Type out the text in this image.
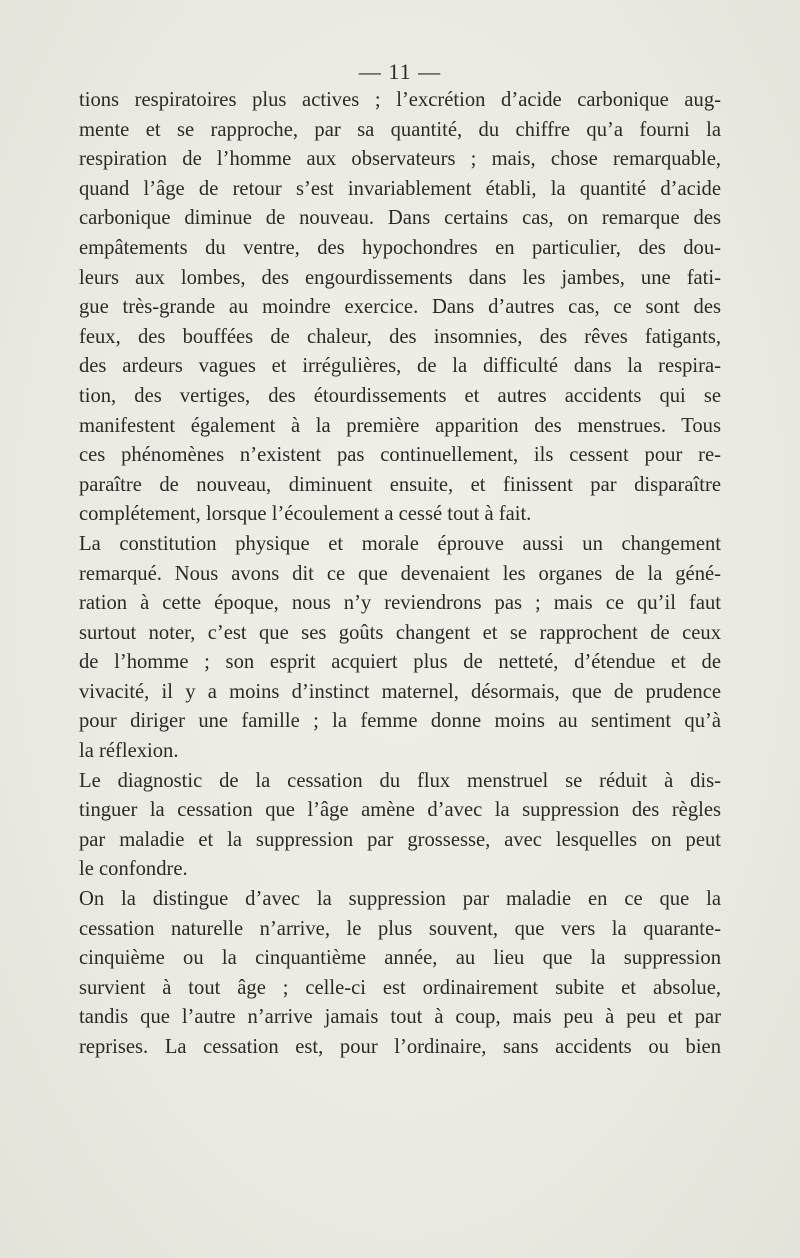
— 11 —
tions respiratoires plus actives ; l’excrétion d’acide carbonique aug-
mente et se rapproche, par sa quantité, du chiffre qu’a fourni la
respiration de l’homme aux observateurs ; mais, chose remarquable,
quand l’âge de retour s’est invariablement établi, la quantité d’acide
carbonique diminue de nouveau. Dans certains cas, on remarque des
empâtements du ventre, des hypochondres en particulier, des dou-
leurs aux lombes, des engourdissements dans les jambes, une fati-
gue très-grande au moindre exercice. Dans d’autres cas, ce sont des
feux, des bouffées de chaleur, des insomnies, des rêves fatigants,
des ardeurs vagues et irrégulières, de la difficulté dans la respira-
tion, des vertiges, des étourdissements et autres accidents qui se
manifestent également à la première apparition des menstrues. Tous
ces phénomènes n’existent pas continuellement, ils cessent pour re-
paraître de nouveau, diminuent ensuite, et finissent par disparaître
complétement, lorsque l’écoulement a cessé tout à fait.
La constitution physique et morale éprouve aussi un changement
remarqué. Nous avons dit ce que devenaient les organes de la géné-
ration à cette époque, nous n’y reviendrons pas ; mais ce qu’il faut
surtout noter, c’est que ses goûts changent et se rapprochent de ceux
de l’homme ; son esprit acquiert plus de netteté, d’étendue et de
vivacité, il y a moins d’instinct maternel, désormais, que de prudence
pour diriger une famille ; la femme donne moins au sentiment qu’à
la réflexion.
Le diagnostic de la cessation du flux menstruel se réduit à dis-
tinguer la cessation que l’âge amène d’avec la suppression des règles
par maladie et la suppression par grossesse, avec lesquelles on peut
le confondre.
On la distingue d’avec la suppression par maladie en ce que la
cessation naturelle n’arrive, le plus souvent, que vers la quarante-
cinquième ou la cinquantième année, au lieu que la suppression
survient à tout âge ; celle-ci est ordinairement subite et absolue,
tandis que l’autre n’arrive jamais tout à coup, mais peu à peu et par
reprises. La cessation est, pour l’ordinaire, sans accidents ou bien
